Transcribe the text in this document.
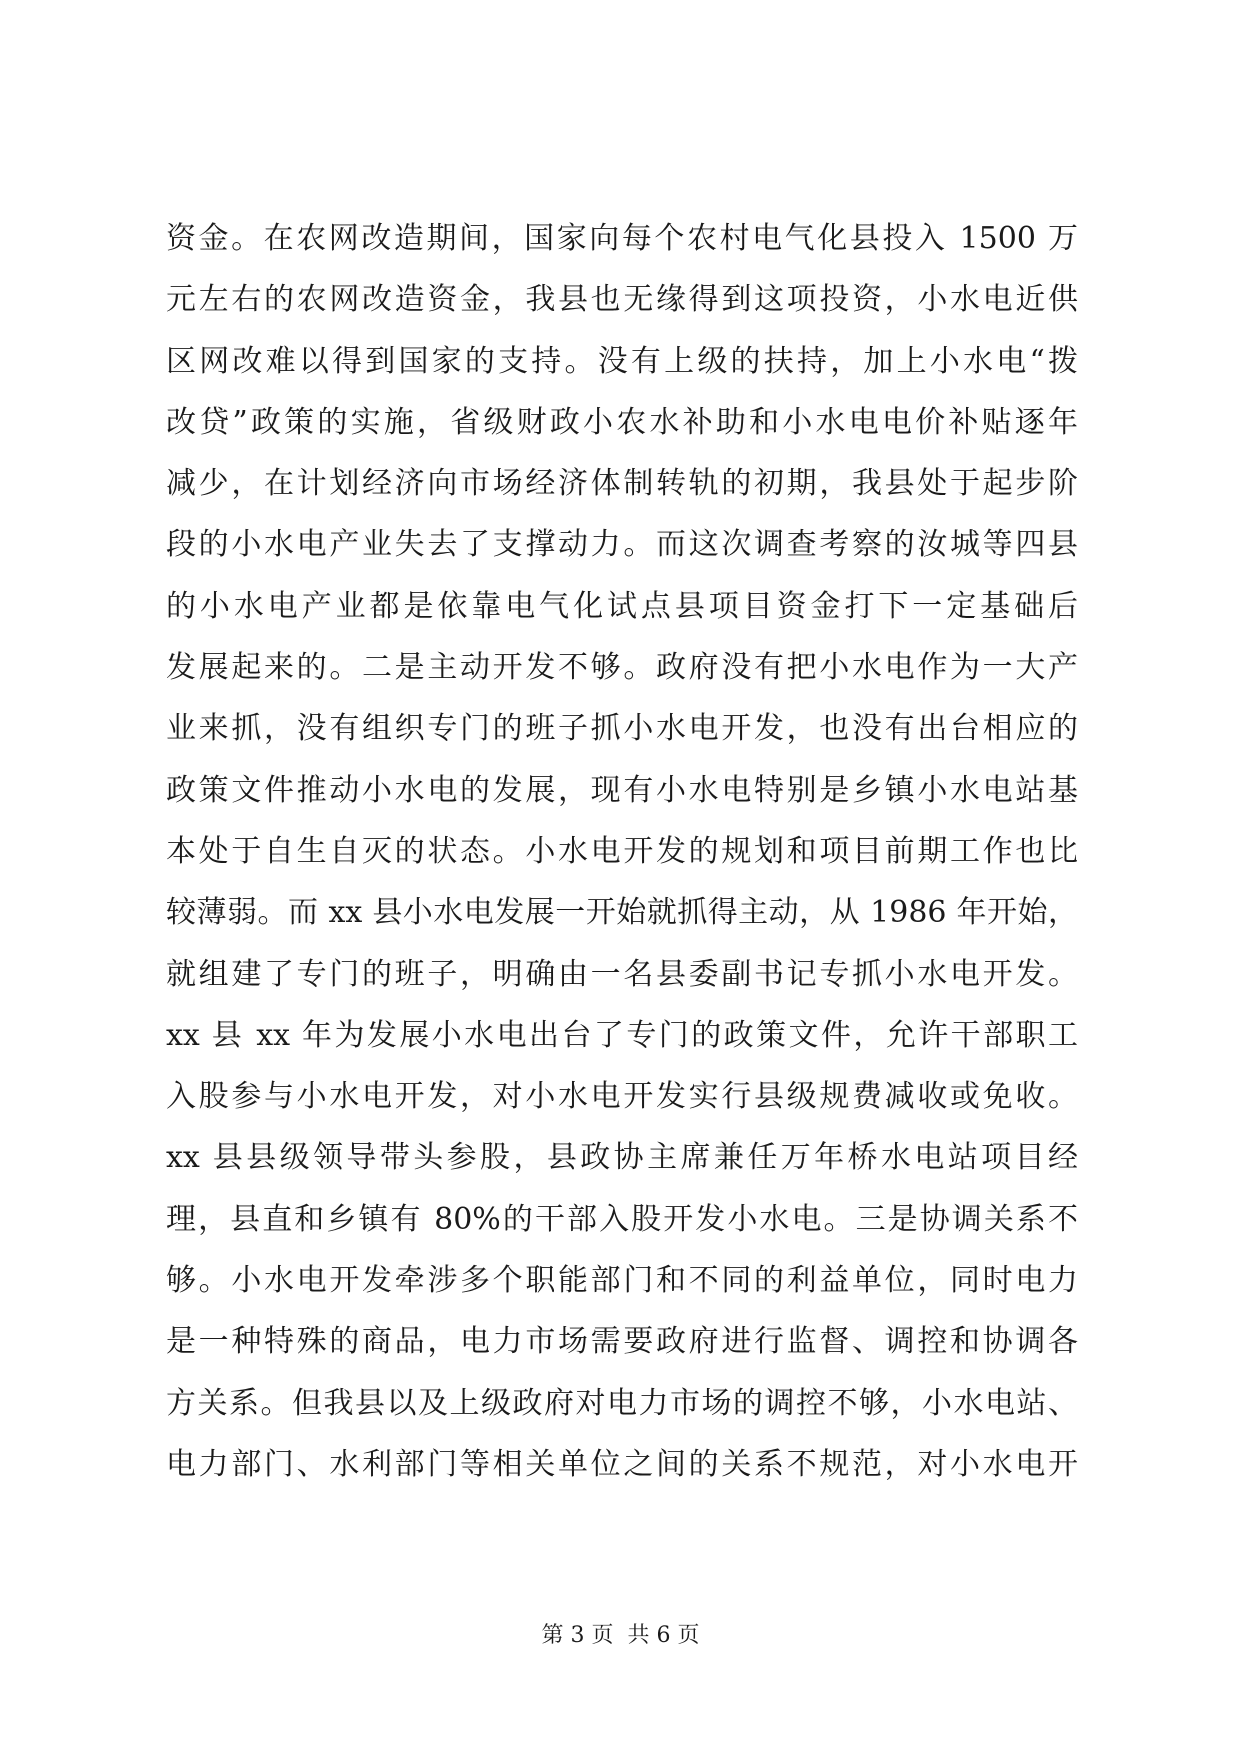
资金。在农网改造期间，国家向每个农村电气化县投入 1500 万
元左右的农网改造资金，我县也无缘得到这项投资，小水电近供
区网改难以得到国家的支持。没有上级的扶持，加上小水电“拨
改贷”政策的实施，省级财政小农水补助和小水电电价补贴逐年
减少，在计划经济向市场经济体制转轨的初期，我县处于起步阶
段的小水电产业失去了支撑动力。而这次调查考察的汝城等四县
的小水电产业都是依靠电气化试点县项目资金打下一定基础后
发展起来的。二是主动开发不够。政府没有把小水电作为一大产
业来抓，没有组织专门的班子抓小水电开发，也没有出台相应的
政策文件推动小水电的发展，现有小水电特别是乡镇小水电站基
本处于自生自灭的状态。小水电开发的规划和项目前期工作也比
较薄弱。而 xx 县小水电发展一开始就抓得主动，从 1986 年开始，
就组建了专门的班子，明确由一名县委副书记专抓小水电开发。
xx 县 xx 年为发展小水电出台了专门的政策文件，允许干部职工
入股参与小水电开发，对小水电开发实行县级规费减收或免收。
xx 县县级领导带头参股，县政协主席兼任万年桥水电站项目经
理，县直和乡镇有 80%的干部入股开发小水电。三是协调关系不
够。小水电开发牵涉多个职能部门和不同的利益单位，同时电力
是一种特殊的商品，电力市场需要政府进行监督、调控和协调各
方关系。但我县以及上级政府对电力市场的调控不够，小水电站、
电力部门、水利部门等相关单位之间的关系不规范，对小水电开
第 3 页 共 6 页
